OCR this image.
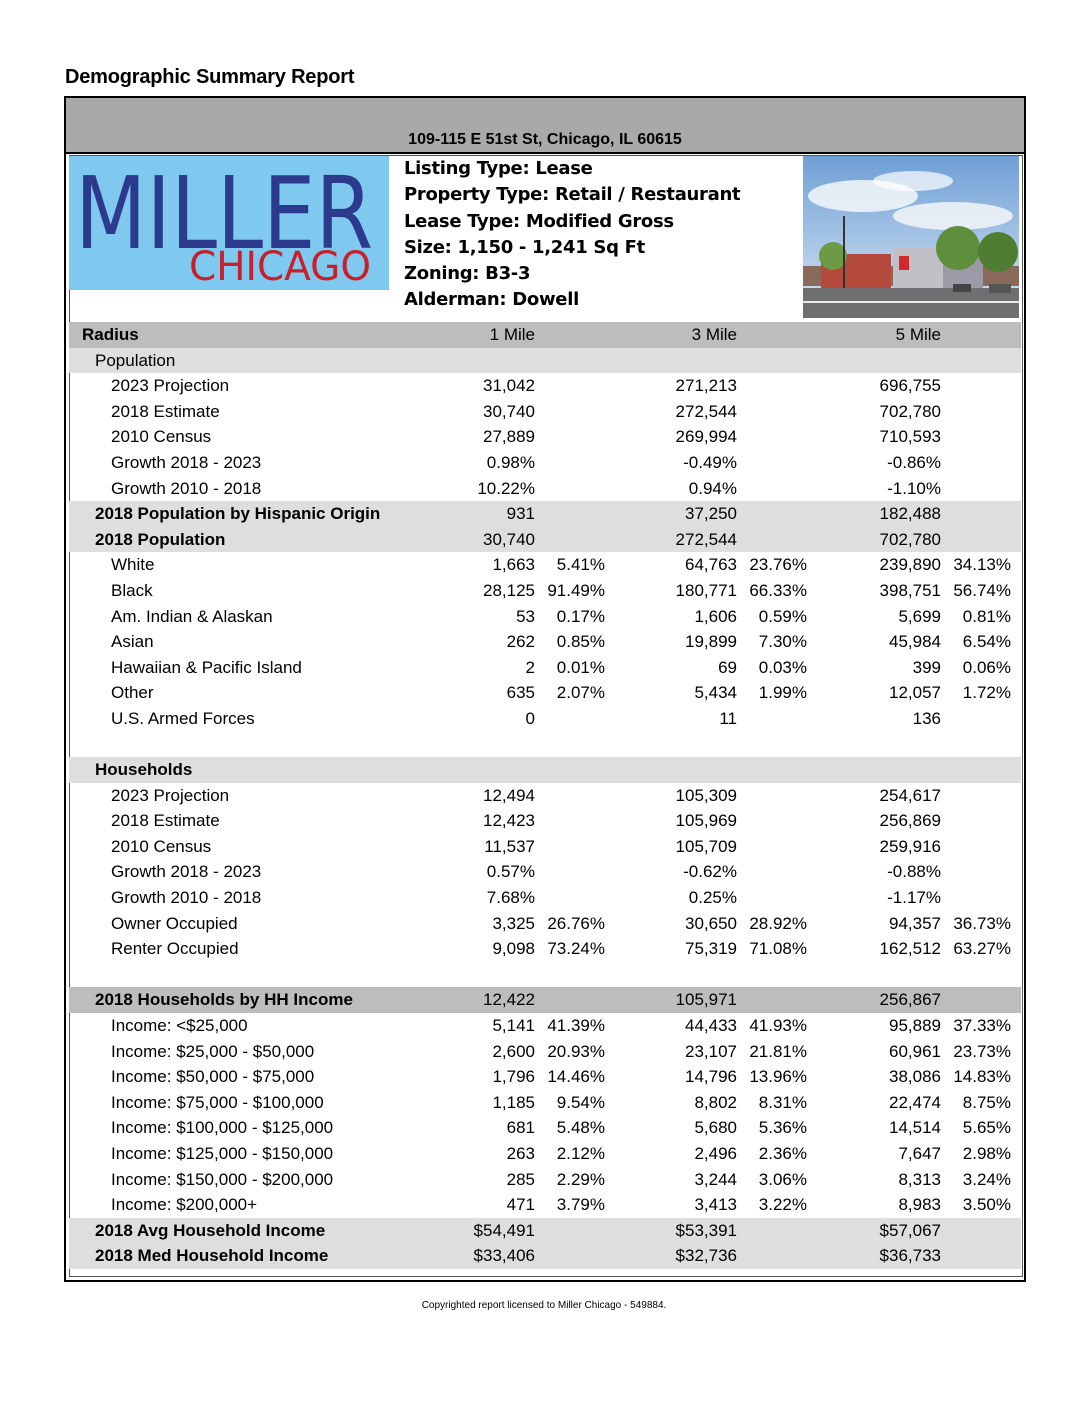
Demographic Summary Report
109-115 E 51st St, Chicago, IL 60615
MILLER
CHICAGO
Listing Type: Lease
Property Type: Retail / Restaurant
Lease Type: Modified Gross
Size: 1,150 - 1,241 Sq Ft
Zoning: B3-3
Alderman: Dowell
Radius	1 Mile	3 Mile	5 Mile
Population
2023 Projection	31,042	271,213	696,755
2018 Estimate	30,740	272,544	702,780
2010 Census	27,889	269,994	710,593
Growth 2018 - 2023	0.98%	-0.49%	-0.86%
Growth 2010 - 2018	10.22%	0.94%	-1.10%
2018 Population by Hispanic Origin	931	37,250	182,488
2018 Population	30,740	272,544	702,780
White	1,663	5.41%	64,763 23.76%	239,890 34.13%
Black	28,125 91.49%	180,771 66.33%	398,751 56.74%
Am. Indian & Alaskan	53	0.17%	1,606	0.59%	5,699	0.81%
Asian	262	0.85%	19,899	7.30%	45,984	6.54%
Hawaiian & Pacific Island	2	0.01%	69	0.03%	399	0.06%
Other	635	2.07%	5,434	1.99%	12,057	1.72%
U.S. Armed Forces	0	11	136
Households
2023 Projection	12,494	105,309	254,617
2018 Estimate	12,423	105,969	256,869
2010 Census	11,537	105,709	259,916
Growth 2018 - 2023	0.57%	-0.62%	-0.88%
Growth 2010 - 2018	7.68%	0.25%	-1.17%
Owner Occupied	3,325 26.76%	30,650 28.92%	94,357 36.73%
Renter Occupied	9,098 73.24%	75,319 71.08%	162,512 63.27%
2018 Households by HH Income	12,422	105,971	256,867
Income: <$25,000	5,141 41.39%	44,433 41.93%	95,889 37.33%
Income: $25,000 - $50,000	2,600 20.93%	23,107 21.81%	60,961 23.73%
Income: $50,000 - $75,000	1,796 14.46%	14,796 13.96%	38,086 14.83%
Income: $75,000 - $100,000	1,185	9.54%	8,802	8.31%	22,474	8.75%
Income: $100,000 - $125,000	681	5.48%	5,680	5.36%	14,514	5.65%
Income: $125,000 - $150,000	263	2.12%	2,496	2.36%	7,647	2.98%
Income: $150,000 - $200,000	285	2.29%	3,244	3.06%	8,313	3.24%
Income: $200,000+	471	3.79%	3,413	3.22%	8,983	3.50%
2018 Avg Household Income	$54,491	$53,391	$57,067
2018 Med Household Income	$33,406	$32,736	$36,733
Copyrighted report licensed to Miller Chicago - 549884.
